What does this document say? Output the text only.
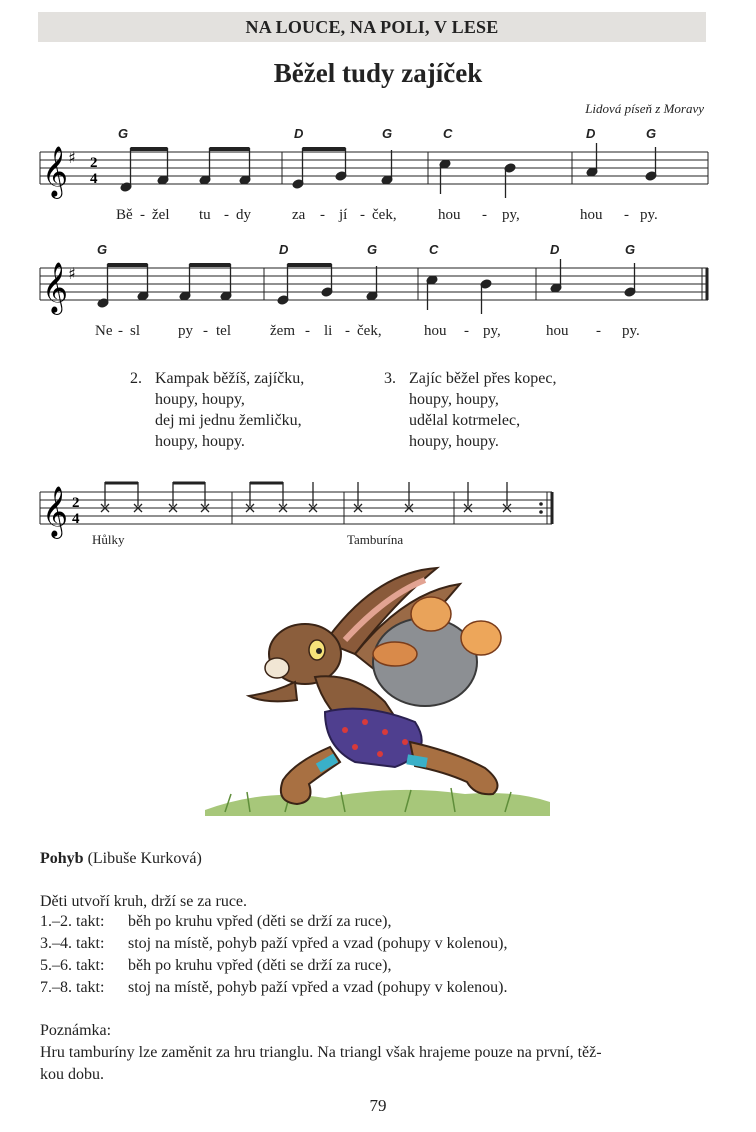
NA LOUCE, NA POLI, V LESE
Běžel tudy zajíček
Lidová píseň z Moravy
𝄞 ♯ 2
4
G	D	G	C	D	G
Bě - žel tu - dy	za - jí - ček,	hou - py,	hou - py.
𝄞 ♯
G	D	G	C	D	G
Ne - sl	py - tel	žem - li - ček,	hou - py,	hou - py.
2. Kampak běžíš, zajíčku,
houpy, houpy,
dej mi jednu žemličku,
houpy, houpy.
3. Zajíc běžel přes kopec,
houpy, houpy,
udělal kotrmelec,
houpy, houpy.
𝄞 2
4
Hůlky	Tamburína
Pohyb (Libuše Kurková)
Děti utvoří kruh, drží se za ruce.
1.–2. takt: běh po kruhu vpřed (děti se drží za ruce),
3.–4. takt: stoj na místě, pohyb paží vpřed a vzad (pohupy v kolenou),
5.–6. takt: běh po kruhu vpřed (děti se drží za ruce),
7.–8. takt: stoj na místě, pohyb paží vpřed a vzad (pohupy v kolenou).
Poznámka:
Hru tamburíny lze zaměnit za hru trianglu. Na triangl však hrajeme pouze na první, těž-
kou dobu.
79
